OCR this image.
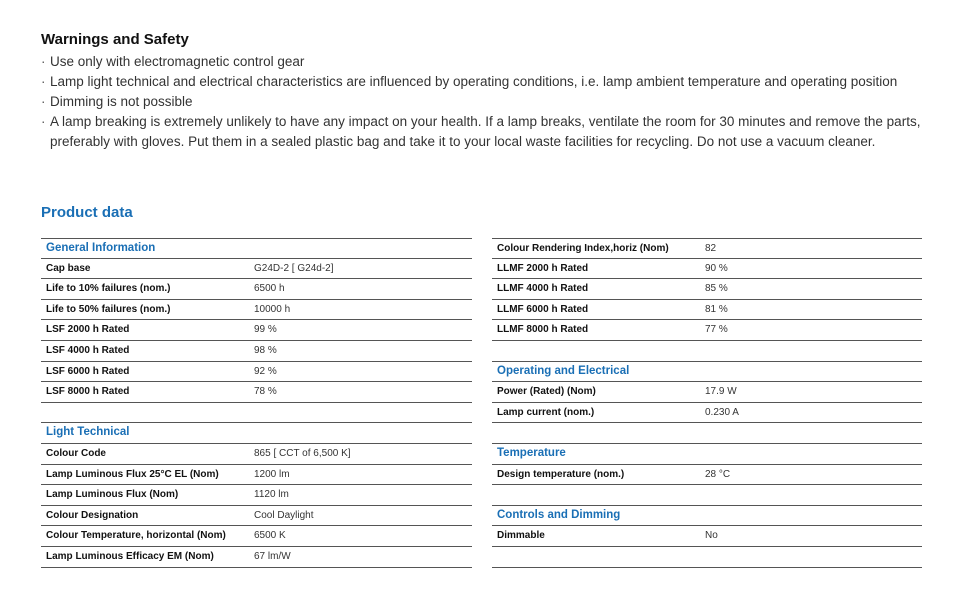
Warnings and Safety
· Use only with electromagnetic control gear
· Lamp light technical and electrical characteristics are influenced by operating conditions, i.e. lamp ambient temperature and operating position
· Dimming is not possible
· A lamp breaking is extremely unlikely to have any impact on your health. If a lamp breaks, ventilate the room for 30 minutes and remove the parts, preferably with gloves. Put them in a sealed plastic bag and take it to your local waste facilities for recycling. Do not use a vacuum cleaner.
Product data
General Information
Cap base	G24D-2 [ G24d-2]
Life to 10% failures (nom.)	6500 h
Life to 50% failures (nom.)	10000 h
LSF 2000 h Rated	99 %
LSF 4000 h Rated	98 %
LSF 6000 h Rated	92 %
LSF 8000 h Rated	78 %
Light Technical
Colour Code	865 [ CCT of 6,500 K]
Lamp Luminous Flux 25°C EL (Nom)	1200 lm
Lamp Luminous Flux (Nom)	1120 lm
Colour Designation	Cool Daylight
Colour Temperature, horizontal (Nom)	6500 K
Lamp Luminous Efficacy EM (Nom)	67 lm/W
Colour Rendering Index,horiz (Nom)	82
LLMF 2000 h Rated	90 %
LLMF 4000 h Rated	85 %
LLMF 6000 h Rated	81 %
LLMF 8000 h Rated	77 %
Operating and Electrical
Power (Rated) (Nom)	17.9 W
Lamp current (nom.)	0.230 A
Temperature
Design temperature (nom.)	28 °C
Controls and Dimming
Dimmable	No
